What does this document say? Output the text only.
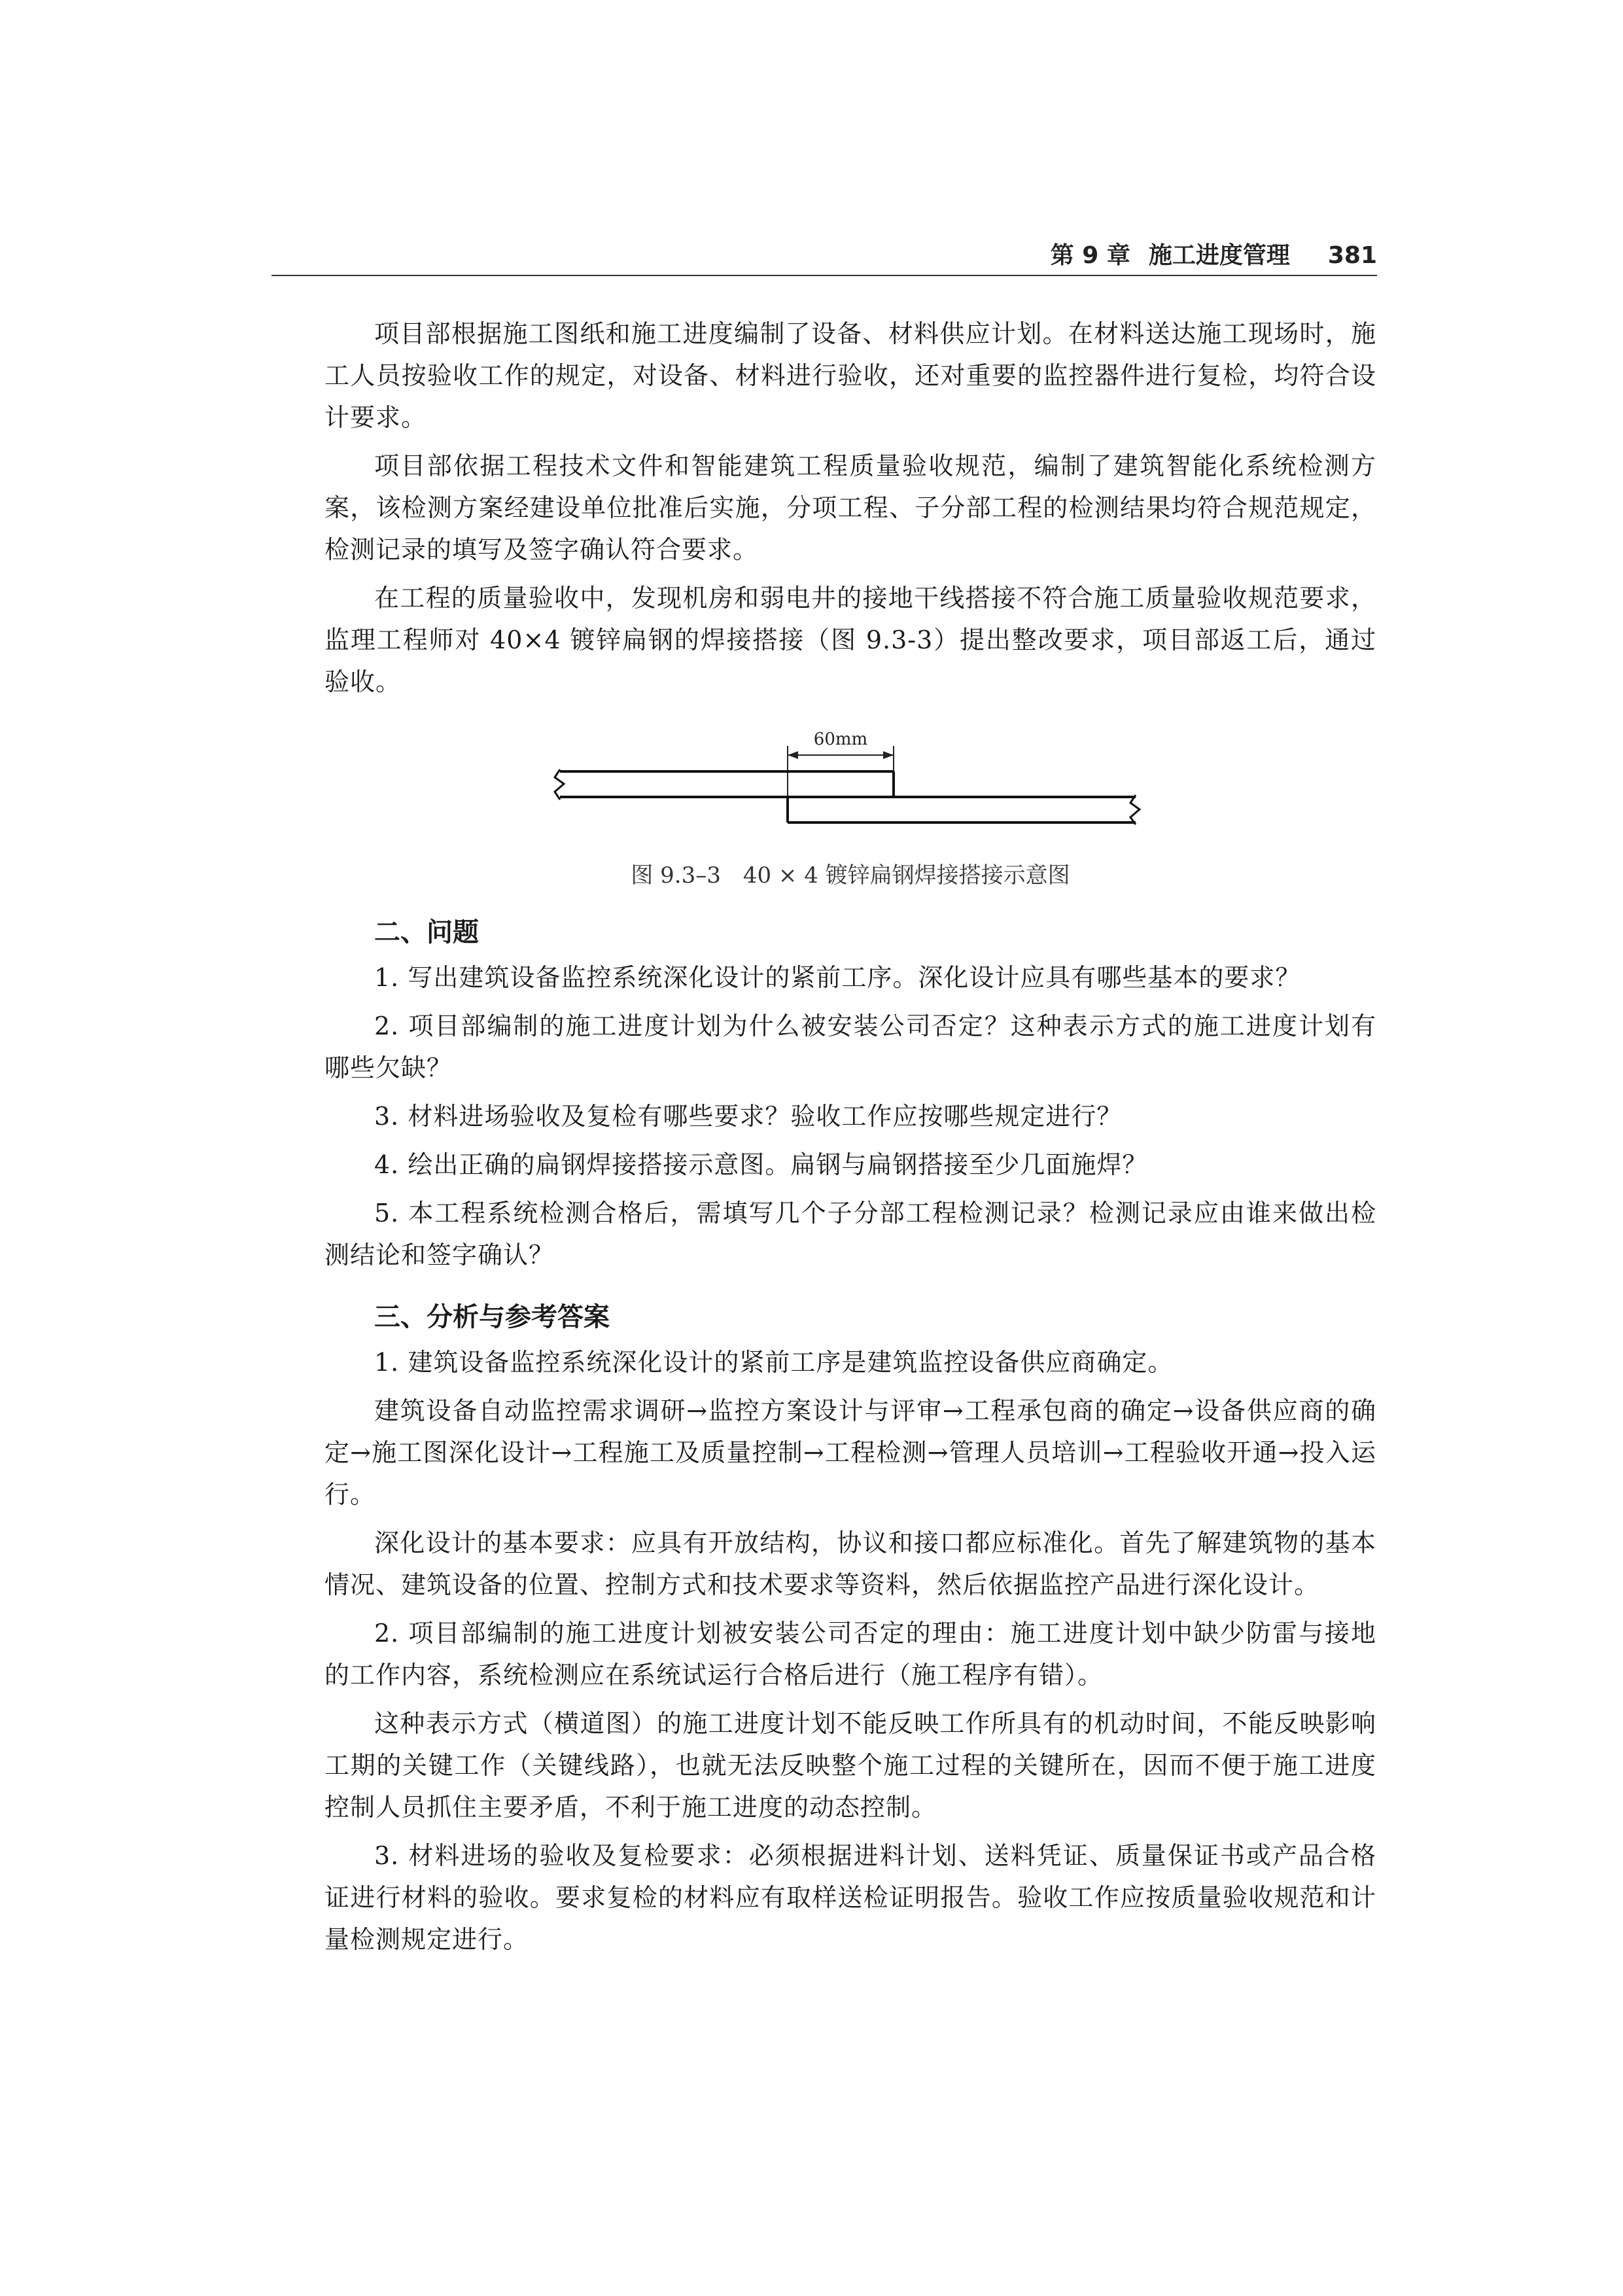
第 9 章 施工进度管理 381

项目部根据施工图纸和施工进度编制了设备、材料供应计划。在材料送达施工现场时，施工人员按验收工作的规定，对设备、材料进行验收，还对重要的监控器件进行复检，均符合设计要求。

项目部依据工程技术文件和智能建筑工程质量验收规范，编制了建筑智能化系统检测方案，该检测方案经建设单位批准后实施，分项工程、子分部工程的检测结果均符合规范规定，检测记录的填写及签字确认符合要求。

在工程的质量验收中，发现机房和弱电井的接地干线搭接不符合施工质量验收规范要求，监理工程师对 40×4 镀锌扁钢的焊接搭接（图 9.3-3）提出整改要求，项目部返工后，通过验收。

60mm
图 9.3–3　40 × 4 镀锌扁钢焊接搭接示意图
二、问题

1. 写出建筑设备监控系统深化设计的紧前工序。深化设计应具有哪些基本的要求？

2. 项目部编制的施工进度计划为什么被安装公司否定？这种表示方式的施工进度计划有哪些欠缺？

3. 材料进场验收及复检有哪些要求？验收工作应按哪些规定进行？

4. 绘出正确的扁钢焊接搭接示意图。扁钢与扁钢搭接至少几面施焊？

5. 本工程系统检测合格后，需填写几个子分部工程检测记录？检测记录应由谁来做出检测结论和签字确认？

三、分析与参考答案

1. 建筑设备监控系统深化设计的紧前工序是建筑监控设备供应商确定。

建筑设备自动监控需求调研→监控方案设计与评审→工程承包商的确定→设备供应商的确定→施工图深化设计→工程施工及质量控制→工程检测→管理人员培训→工程验收开通→投入运行。

深化设计的基本要求：应具有开放结构，协议和接口都应标准化。首先了解建筑物的基本情况、建筑设备的位置、控制方式和技术要求等资料，然后依据监控产品进行深化设计。

2. 项目部编制的施工进度计划被安装公司否定的理由：施工进度计划中缺少防雷与接地的工作内容，系统检测应在系统试运行合格后进行（施工程序有错）。

这种表示方式（横道图）的施工进度计划不能反映工作所具有的机动时间，不能反映影响工期的关键工作（关键线路），也就无法反映整个施工过程的关键所在，因而不便于施工进度控制人员抓住主要矛盾，不利于施工进度的动态控制。

3. 材料进场的验收及复检要求：必须根据进料计划、送料凭证、质量保证书或产品合格证进行材料的验收。要求复检的材料应有取样送检证明报告。验收工作应按质量验收规范和计量检测规定进行。
